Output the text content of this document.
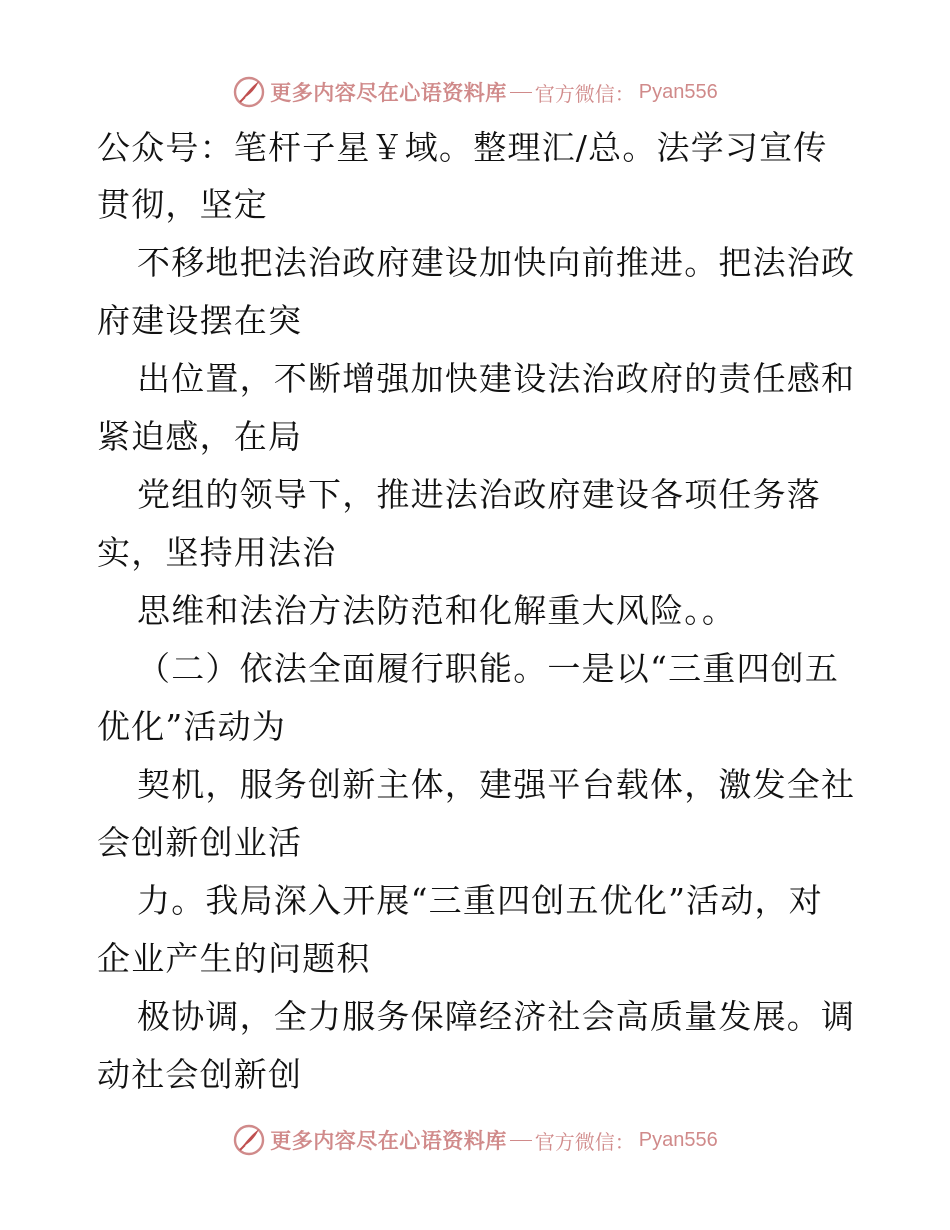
更多内容尽在心语资料库 官方微信： Pyan556
公众号：笔杆子星￥域。整理汇/总。法学习宣传
贯彻，坚定
不移地把法治政府建设加快向前推进。把法治政
府建设摆在突
出位置，不断增强加快建设法治政府的责任感和
紧迫感，在局
党组的领导下，推进法治政府建设各项任务落
实，坚持用法治
思维和法治方法防范和化解重大风险。。
（二）依法全面履行职能。一是以“三重四创五
优化”活动为
契机，服务创新主体，建强平台载体，激发全社
会创新创业活
力。我局深入开展“三重四创五优化”活动，对
企业产生的问题积
极协调，全力服务保障经济社会高质量发展。调
动社会创新创
更多内容尽在心语资料库 官方微信： Pyan556
